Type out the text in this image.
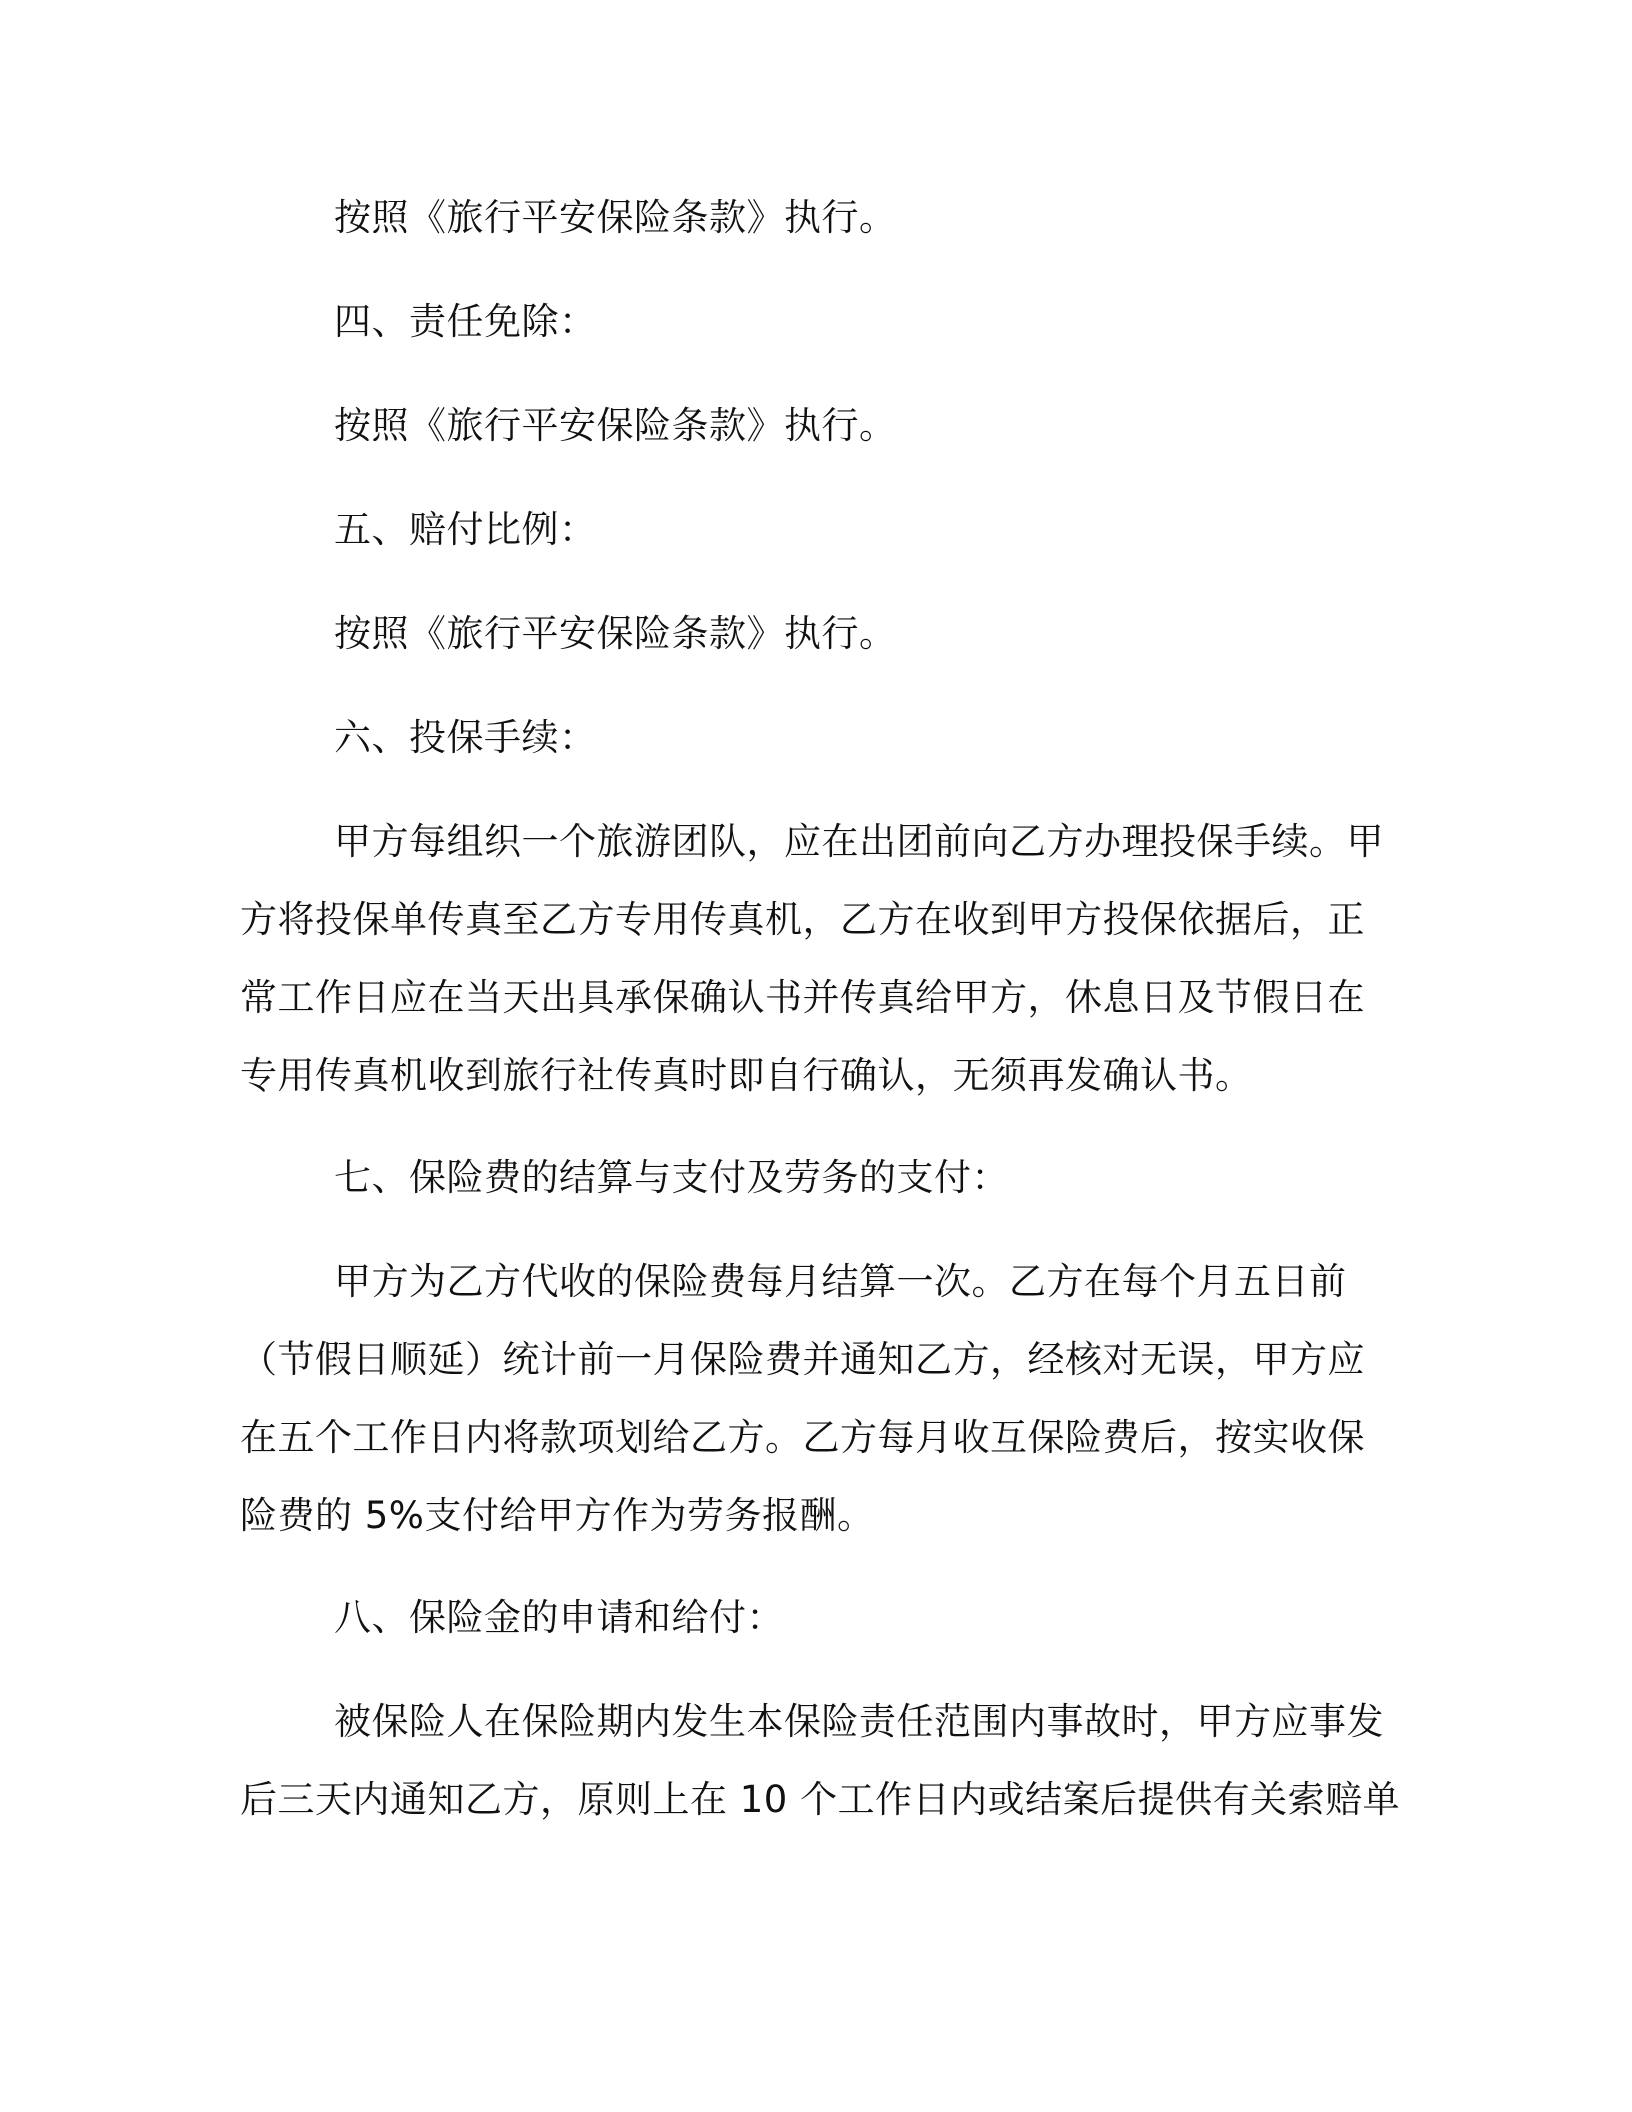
按照《旅行平安保险条款》执行。

四、责任免除：

按照《旅行平安保险条款》执行。

五、赔付比例：

按照《旅行平安保险条款》执行。

六、投保手续：

甲方每组织一个旅游团队，应在出团前向乙方办理投保手续。甲

方将投保单传真至乙方专用传真机，乙方在收到甲方投保依据后，正

常工作日应在当天出具承保确认书并传真给甲方，休息日及节假日在

专用传真机收到旅行社传真时即自行确认，无须再发确认书。

七、保险费的结算与支付及劳务的支付：

甲方为乙方代收的保险费每月结算一次。乙方在每个月五日前

（节假日顺延）统计前一月保险费并通知乙方，经核对无误，甲方应

在五个工作日内将款项划给乙方。乙方每月收互保险费后，按实收保

险费的 5%支付给甲方作为劳务报酬。

八、保险金的申请和给付：

被保险人在保险期内发生本保险责任范围内事故时，甲方应事发

后三天内通知乙方，原则上在 10 个工作日内或结案后提供有关索赔单
